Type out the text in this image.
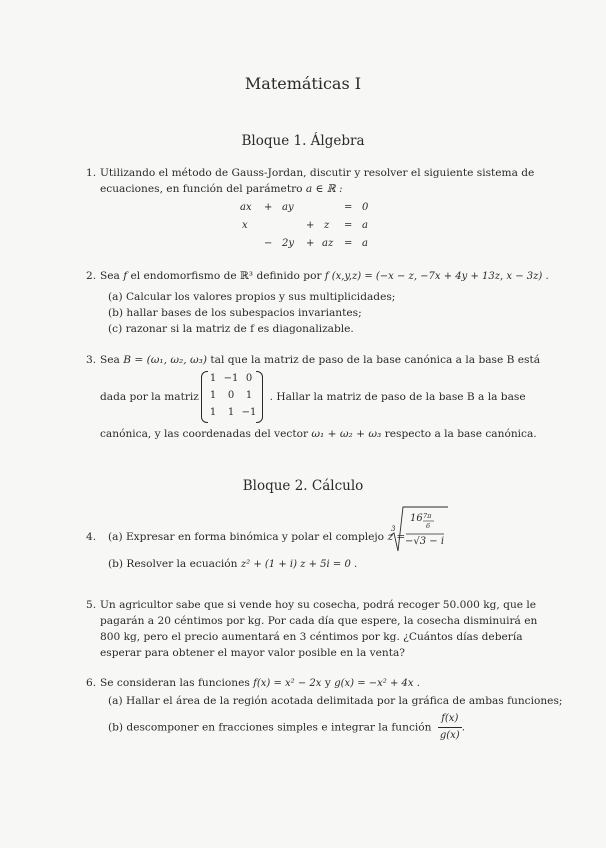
Matemáticas I
Bloque 1. Álgebra
1. Utilizando el método de Gauss-Jordan, discutir y resolver el siguiente sistema de ecuaciones, en función del parámetro a ∈ ℝ :
ax + ay	= 0
x	+ z = a
− 2y + az = a
2. Sea f el endomorfismo de ℝ³ definido por f (x,y,z) = (−x − z, −7x + 4y + 13z, x − 3z) .
(a) Calcular los valores propios y sus multiplicidades;
(b) hallar bases de los subespacios invariantes;
(c) razonar si la matriz de f es diagonalizable.
3. Sea B = (ω₁, ω₂, ω₃) tal que la matriz de paso de la base canónica a la base B está
dada por la matriz	. Hallar la matriz de paso de la base B a la base
canónica, y las coordenadas del vector ω₁ + ω₂ + ω₃ respecto a la base canónica.
1 −1 0
1	0	1
1	1 −1
Bloque 2. Cálculo
4. (a) Expresar en forma binómica y polar el complejo z =
(b) Resolver la ecuación z² + (1 + i) z + 5i = 0 .
3
16 7π
6
−√3 − i
5. Un agricultor sabe que si vende hoy su cosecha, podrá recoger 50.000 kg, que le pagarán a 20 céntimos por kg. Por cada día que espere, la cosecha disminuirá en 800 kg, pero el precio aumentará en 3 céntimos por kg. ¿Cuántos días debería esperar para obtener el mayor valor posible en la venta?
6. Se consideran las funciones f(x) = x² − 2x y g(x) = −x² + 4x .
(a) Hallar el área de la región acotada delimitada por la gráfica de ambas funciones;
(b) descomponer en fracciones simples e integrar la función $\frac{f(x)}{g(x)}$ .
